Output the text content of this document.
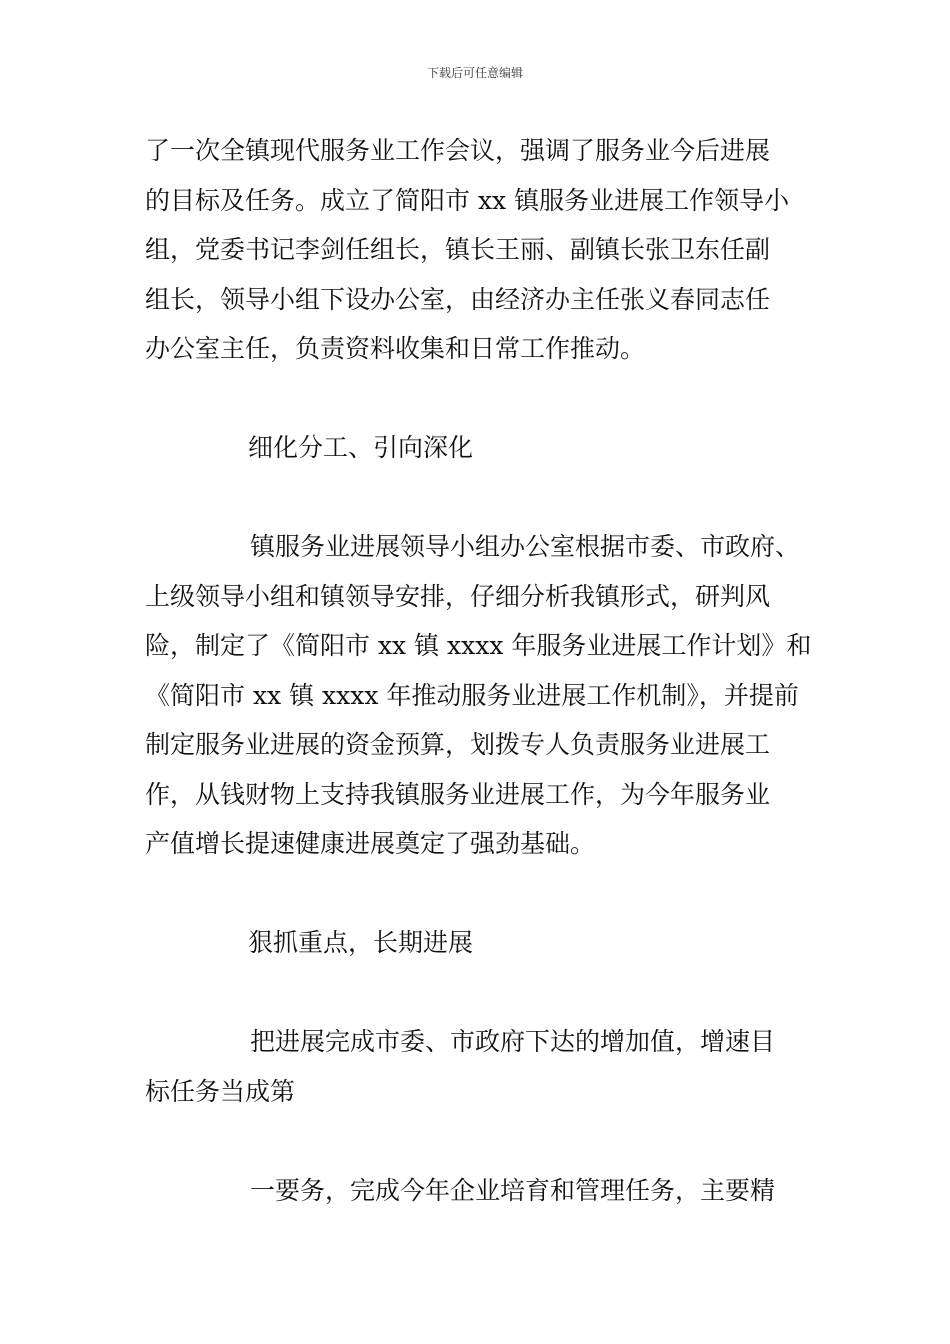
下载后可任意编辑

了一次全镇现代服务业工作会议，强调了服务业今后进展
的目标及任务。成立了简阳市 xx 镇服务业进展工作领导小
组，党委书记李剑任组长，镇长王丽、副镇长张卫东任副
组长，领导小组下设办公室，由经济办主任张义春同志任
办公室主任，负责资料收集和日常工作推动。

细化分工、引向深化

镇服务业进展领导小组办公室根据市委、市政府、
上级领导小组和镇领导安排，仔细分析我镇形式，研判风
险，制定了《简阳市 xx 镇 xxxx 年服务业进展工作计划》和
《简阳市 xx 镇 xxxx 年推动服务业进展工作机制》，并提前
制定服务业进展的资金预算，划拨专人负责服务业进展工
作，从钱财物上支持我镇服务业进展工作，为今年服务业
产值增长提速健康进展奠定了强劲基础。

狠抓重点，长期进展

把进展完成市委、市政府下达的增加值，增速目
标任务当成第

一要务，完成今年企业培育和管理任务，主要精
